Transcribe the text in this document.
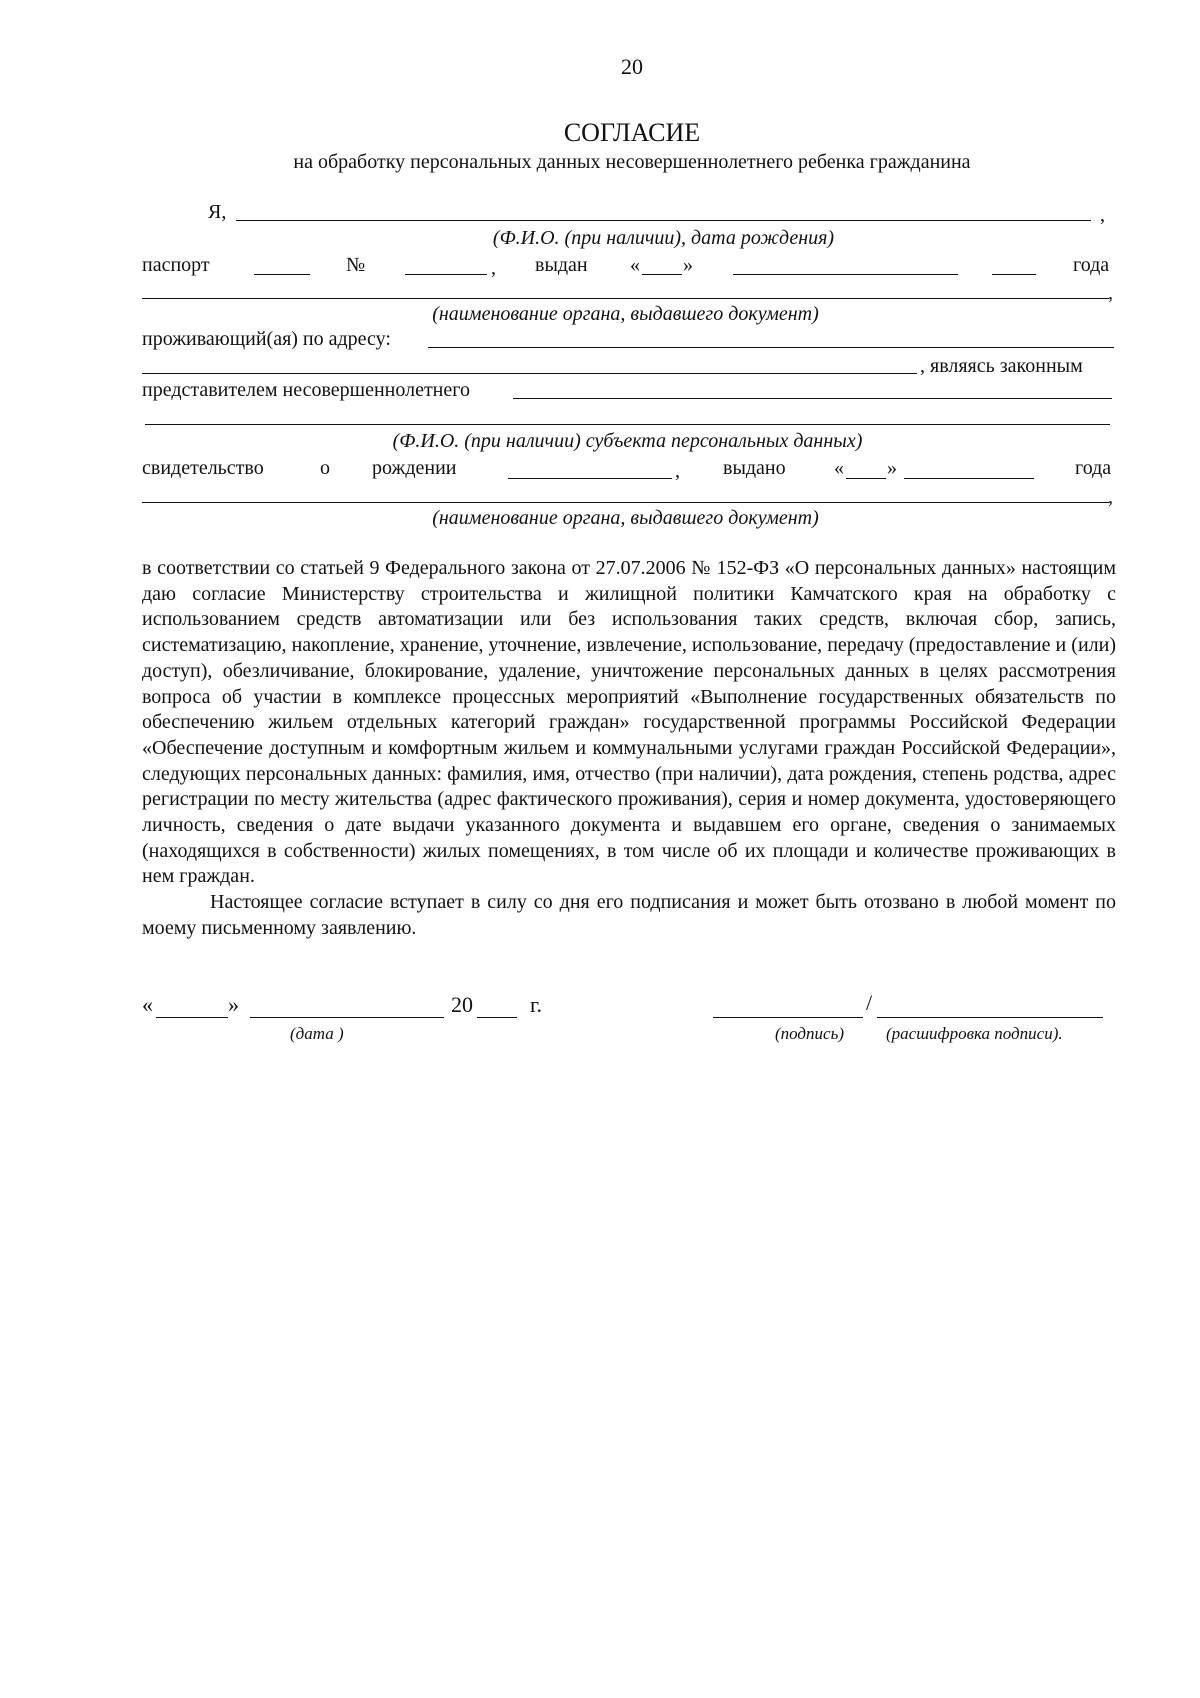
20
СОГЛАСИЕ
на обработку персональных данных несовершеннолетнего ребенка гражданина
Я,	,
(Ф.И.О. (при наличии), дата рождения)
паспорт	№	, выдан « »	года
,
(наименование органа, выдавшего документ)
проживающий(ая) по адресу:
, являясь законным
представителем несовершеннолетнего
(Ф.И.О. (при наличии) субъекта персональных данных)
свидетельство	о рождении	, выдано « »	года
,
(наименование органа, выдавшего документ)

в соответствии со статьей 9 Федерального закона от 27.07.2006 № 152-ФЗ «О персональных данных» настоящим даю согласие Министерству строительства и жилищной политики Камчатского края на обработку с использованием средств автоматизации или без использования таких средств, включая сбор, запись, систематизацию, накопление, хранение, уточнение, извлечение, использование, передачу (предоставление и (или) доступ), обезличивание, блокирование, удаление, уничтожение персональных данных в целях рассмотрения вопроса об участии в комплексе процессных мероприятий «Выполнение государственных обязательств по обеспечению жильем отдельных категорий граждан» государственной программы Российской Федерации «Обеспечение доступным и комфортным жильем и коммунальными услугами граждан Российской Федерации», следующих персональных данных: фамилия, имя, отчество (при наличии), дата рождения, степень родства, адрес регистрации по месту жительства (адрес фактического проживания), серия и номер документа, удостоверяющего личность, сведения о дате выдачи указанного документа и выдавшем его органе, сведения о занимаемых (находящихся в собственности) жилых помещениях, в том числе об их площади и количестве проживающих в нем граждан.

Настоящее согласие вступает в силу со дня его подписания и может быть отозвано в любой момент по моему письменному заявлению.

«	»	20	г.
(дата )
/
(подпись) (расшифровка подписи).
